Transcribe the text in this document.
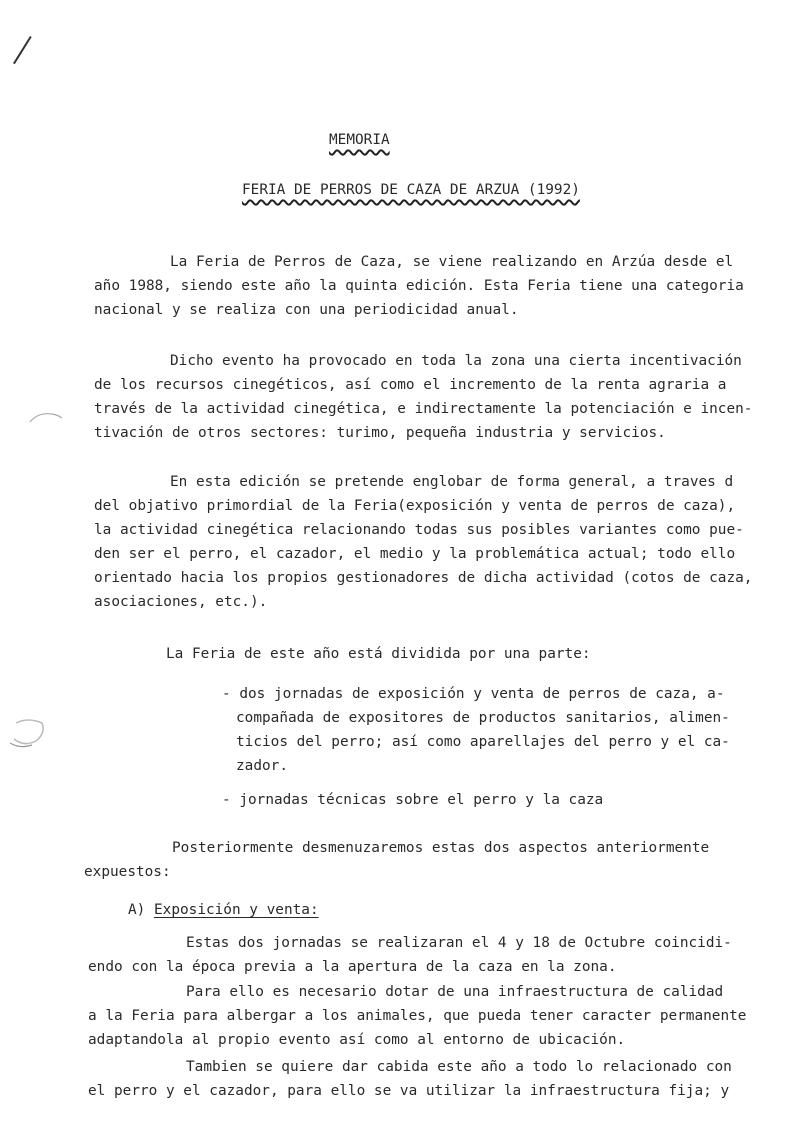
MEMORIA
FERIA DE PERROS DE CAZA DE ARZUA (1992)
La Feria de Perros de Caza, se viene realizando en Arzúa desde el
año 1988, siendo este año la quinta edición. Esta Feria tiene una categoria
nacional y se realiza con una periodicidad anual.
Dicho evento ha provocado en toda la zona una cierta incentivación
de los recursos cinegéticos, así como el incremento de la renta agraria a
través de la actividad cinegética, e indirectamente la potenciación e incen-
tivación de otros sectores: turimo, pequeña industria y servicios.
En esta edición se pretende englobar de forma general, a traves d
del objativo primordial de la Feria(exposición y venta de perros de caza),
la actividad cinegética relacionando todas sus posibles variantes como pue-
den ser el perro, el cazador, el medio y la problemática actual; todo ello
orientado hacia los propios gestionadores de dicha actividad (cotos de caza,
asociaciones, etc.).
La Feria de este año está dividida por una parte:
- dos jornadas de exposición y venta de perros de caza, a-
compañada de expositores de productos sanitarios, alimen-
ticios del perro; así como aparellajes del perro y el ca-
zador.
- jornadas técnicas sobre el perro y la caza
Posteriormente desmenuzaremos estas dos aspectos anteriormente
expuestos:
A) Exposición y venta:
Estas dos jornadas se realizaran el 4 y 18 de Octubre coincidi-
endo con la época previa a la apertura de la caza en la zona.
Para ello es necesario dotar de una infraestructura de calidad
a la Feria para albergar a los animales, que pueda tener caracter permanente
adaptandola al propio evento así como al entorno de ubicación.
Tambien se quiere dar cabida este año a todo lo relacionado con
el perro y el cazador, para ello se va utilizar la infraestructura fija; y
